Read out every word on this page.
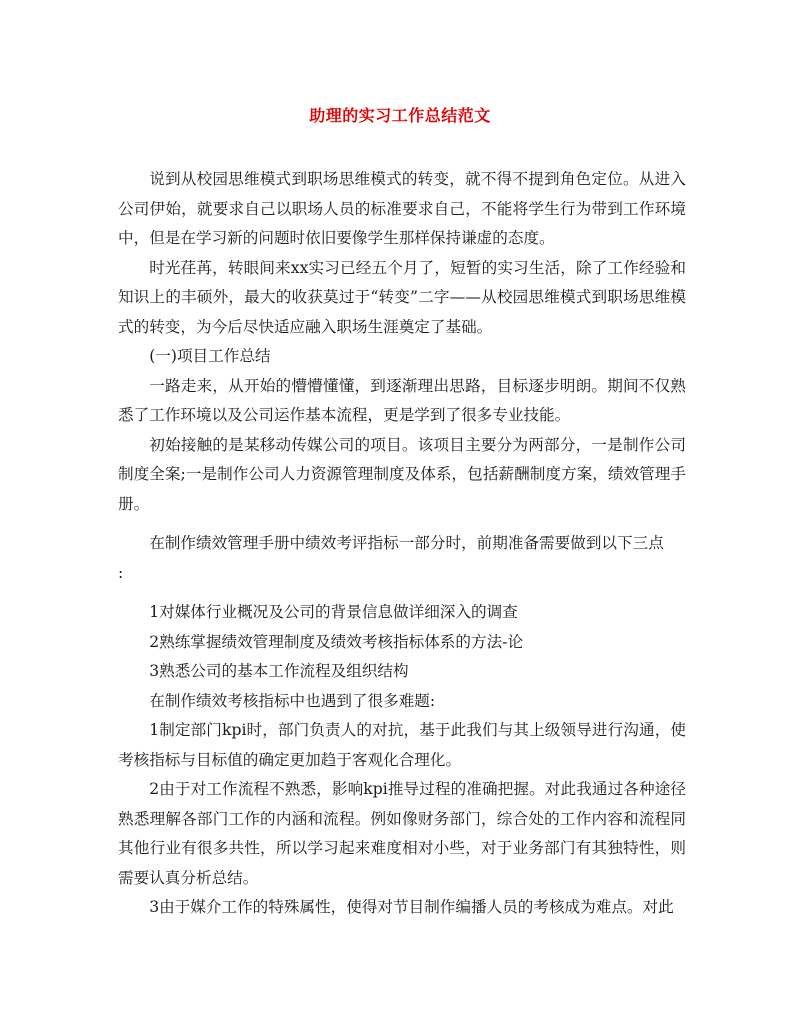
助理的实习工作总结范文

说到从校园思维模式到职场思维模式的转变，就不得不提到角色定位。从进入公司伊始，就要求自己以职场人员的标准要求自己，不能将学生行为带到工作环境中，但是在学习新的问题时依旧要像学生那样保持谦虚的态度。

时光荏苒，转眼间来xx实习已经五个月了，短暂的实习生活，除了工作经验和知识上的丰硕外，最大的收获莫过于“转变”二字——从校园思维模式到职场思维模式的转变，为今后尽快适应融入职场生涯奠定了基础。

(一)项目工作总结

一路走来，从开始的懵懵懂懂，到逐渐理出思路，目标逐步明朗。期间不仅熟悉了工作环境以及公司运作基本流程，更是学到了很多专业技能。

初始接触的是某移动传媒公司的项目。该项目主要分为两部分，一是制作公司制度全案;一是制作公司人力资源管理制度及体系，包括薪酬制度方案，绩效管理手册。

在制作绩效管理手册中绩效考评指标一部分时，前期准备需要做到以下三点

:

1对媒体行业概况及公司的背景信息做详细深入的调查

2熟练掌握绩效管理制度及绩效考核指标体系的方法-论

3熟悉公司的基本工作流程及组织结构

在制作绩效考核指标中也遇到了很多难题:

1制定部门kpi时，部门负责人的对抗，基于此我们与其上级领导进行沟通，使考核指标与目标值的确定更加趋于客观化合理化。

2由于对工作流程不熟悉，影响kpi推导过程的准确把握。对此我通过各种途径熟悉理解各部门工作的内涵和流程。例如像财务部门，综合处的工作内容和流程同其他行业有很多共性，所以学习起来难度相对小些，对于业务部门有其独特性，则需要认真分析总结。

3由于媒介工作的特殊属性，使得对节目制作编播人员的考核成为难点。对此
